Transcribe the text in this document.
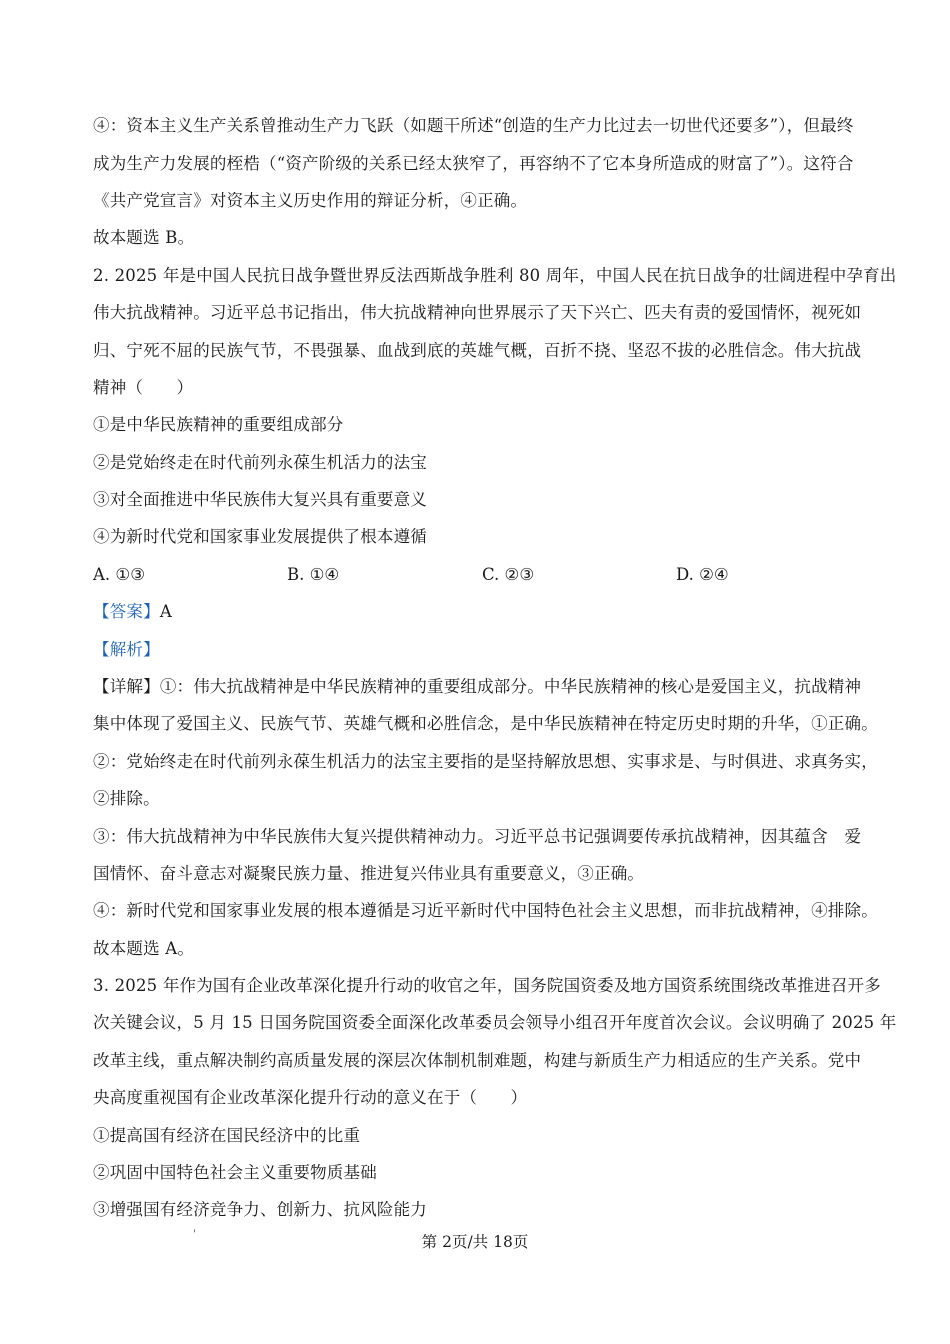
④：资本主义生产关系曾推动生产力飞跃（如题干所述“创造的生产力比过去一切世代还要多”），但最终
成为生产力发展的桎梏（“资产阶级的关系已经太狭窄了，再容纳不了它本身所造成的财富了”）。这符合
《共产党宣言》对资本主义历史作用的辩证分析，④正确。
故本题选 B。
2. 2025 年是中国人民抗日战争暨世界反法西斯战争胜利 80 周年，中国人民在抗日战争的壮阔进程中孕育出
伟大抗战精神。习近平总书记指出，伟大抗战精神向世界展示了天下兴亡、匹夫有责的爱国情怀，视死如
归、宁死不屈的民族气节，不畏强暴、血战到底的英雄气概，百折不挠、坚忍不拔的必胜信念。伟大抗战
精神（　　）
①是中华民族精神的重要组成部分
②是党始终走在时代前列永葆生机活力的法宝
③对全面推进中华民族伟大复兴具有重要意义
④为新时代党和国家事业发展提供了根本遵循
A. ①③	B. ①④	C. ②③	D. ②④
【答案】A
【解析】
【详解】①：伟大抗战精神是中华民族精神的重要组成部分。中华民族精神的核心是爱国主义，抗战精神
集中体现了爱国主义、民族气节、英雄气概和必胜信念，是中华民族精神在特定历史时期的升华，①正确。
②：党始终走在时代前列永葆生机活力的法宝主要指的是坚持解放思想、实事求是、与时俱进、求真务实，
②排除。
③：伟大抗战精神为中华民族伟大复兴提供精神动力。习近平总书记强调要传承抗战精神，因其蕴含　爱
国情怀、奋斗意志对凝聚民族力量、推进复兴伟业具有重要意义，③正确。
④：新时代党和国家事业发展的根本遵循是习近平新时代中国特色社会主义思想，而非抗战精神，④排除。
故本题选 A。
3. 2025 年作为国有企业改革深化提升行动的收官之年，国务院国资委及地方国资系统围绕改革推进召开多
次关键会议，5 月 15 日国务院国资委全面深化改革委员会领导小组召开年度首次会议。会议明确了 2025 年
改革主线，重点解决制约高质量发展的深层次体制机制难题，构建与新质生产力相适应的生产关系。党中
央高度重视国有企业改革深化提升行动的意义在于（　　）
①提高国有经济在国民经济中的比重
②巩固中国特色社会主义重要物质基础
③增强国有经济竞争力、创新力、抗风险能力
'	第 2页/共 18页
